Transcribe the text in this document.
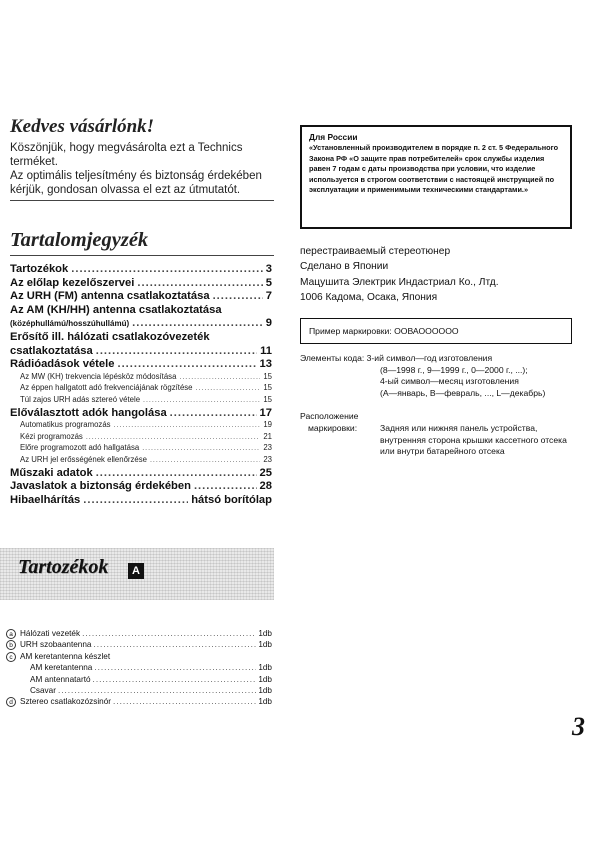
Kedves vásárlónk!

Köszönjük, hogy megvásárolta ezt a Technics terméket.

Az optimális teljesítmény és biztonság érdekében kérjük, gondosan olvassa el ezt az útmutatót.

Для России
«Установленный производителем в порядке п. 2 ст. 5 Федерального Закона РФ «О защите прав потребителей» срок службы изделия равен 7 годам с даты производства при условии, что изделие используется в строгом соответствии с настоящей инструкцией по эксплуатации и применимыми техническими стандартами.»
Tartalomjegyzék
Tartozékok .....	3
Az előlap kezelőszervei .....	5
Az URH (FM) antenna csatlakoztatása .....	7
Az AM (KH/HH) antenna csatlakoztatása
(középhullámú/hosszúhullámú) .....	9
Erősítő ill. hálózati csatlakozóvezeték
csatlakoztatása .....	11
Rádióadások vétele .....	13
Az MW (KH) trekvencia lépésköz módosítása .....	15
Az éppen hallgatott adó frekvenciájának rögzítése .....	15
Túl zajos URH adás sztereó vétele .....	15
Előválasztott adók hangolása .....	17
Automatikus programozás .....	19
Kézi programozás .....	21
Előre programozott adó hallgatása .....	23
Az URH jel erősségének ellenőrzése .....	23
Műszaki adatok .....	25
Javaslatok a biztonság érdekében .....	28
Hibaelhárítás .....	hátsó borítólap
перестраиваемый стереотюнер
Сделано в Японии
Мацушита Электрик Индастриал Ко., Лтд.
1006 Кадома, Осака, Япония
Пример маркировки: ООВАОООООО
Элементы кода:
3-ий символ—год изготовления
(8—1998 г., 9—1999 г., 0—2000 г., ...);
4-ый символ—месяц изготовления
(А—январь, В—февраль, ..., L—декабрь)
Расположение
маркировки:	Задняя или нижняя панель устройства, внутренняя сторона крышки кассетного отсека или внутри батарейного отсека
Tartozékok	A
a Hálózati vezeték .....	1db
b URH szobaantenna .....	1db
c AM keretantenna készlet
AM keretantenna .....	1db
AM antennatartó .....	1db
Csavar .....	1db
d Sztereo csatlakozózsinór .....	1db
3
